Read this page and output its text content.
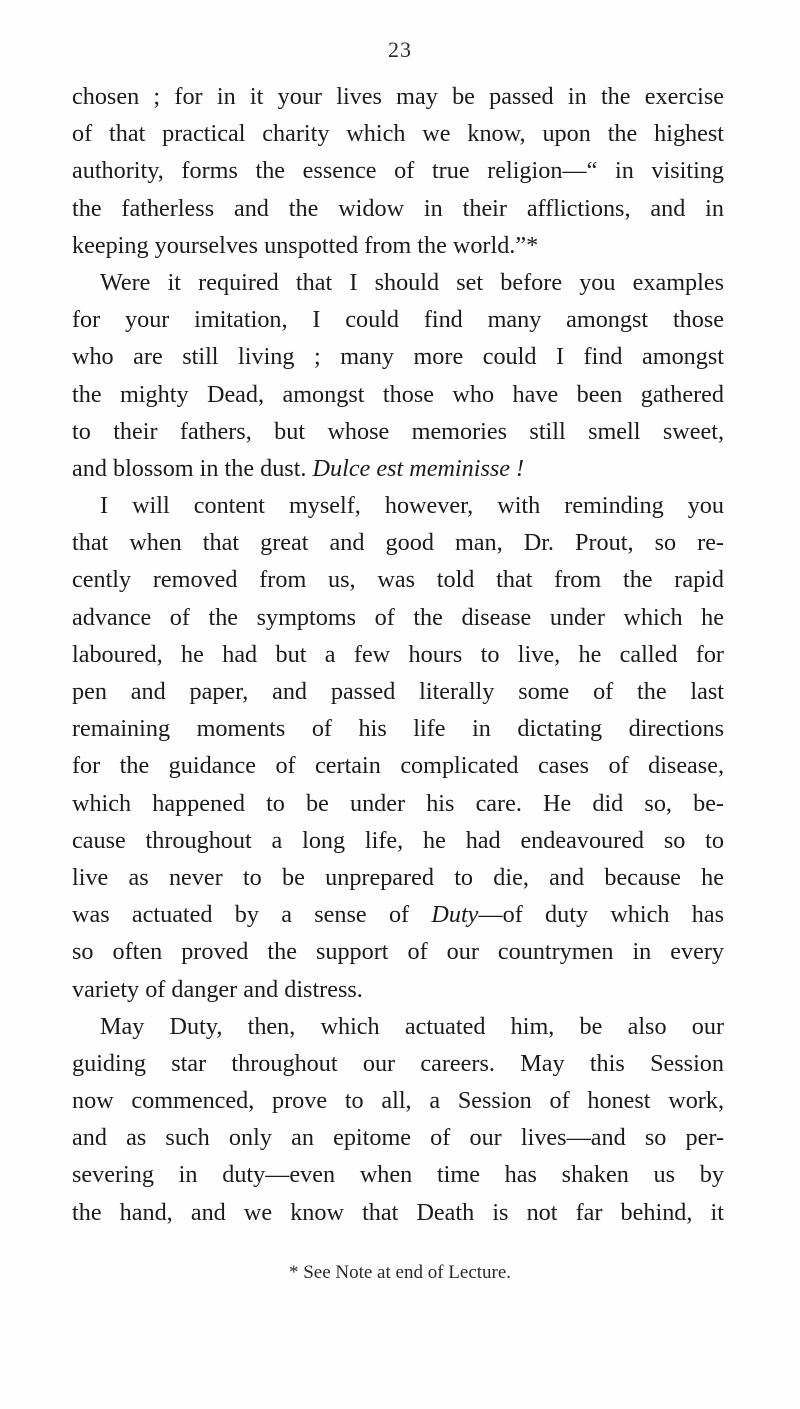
23
chosen ; for in it your lives may be passed in the exercise
of that practical charity which we know, upon the highest
authority, forms the essence of true religion—“ in visiting
the fatherless and the widow in their afflictions, and in
keeping yourselves unspotted from the world.”*
Were it required that I should set before you examples
for your imitation, I could find many amongst those
who are still living ; many more could I find amongst
the mighty Dead, amongst those who have been gathered
to their fathers, but whose memories still smell sweet,
and blossom in the dust. Dulce est meminisse !
I will content myself, however, with reminding you
that when that great and good man, Dr. Prout, so re-
cently removed from us, was told that from the rapid
advance of the symptoms of the disease under which he
laboured, he had but a few hours to live, he called for
pen and paper, and passed literally some of the last
remaining moments of his life in dictating directions
for the guidance of certain complicated cases of disease,
which happened to be under his care. He did so, be-
cause throughout a long life, he had endeavoured so to
live as never to be unprepared to die, and because he
was actuated by a sense of Duty—of duty which has
so often proved the support of our countrymen in every
variety of danger and distress.
May Duty, then, which actuated him, be also our
guiding star throughout our careers. May this Session
now commenced, prove to all, a Session of honest work,
and as such only an epitome of our lives—and so per-
severing in duty—even when time has shaken us by
the hand, and we know that Death is not far behind, it
* See Note at end of Lecture.
